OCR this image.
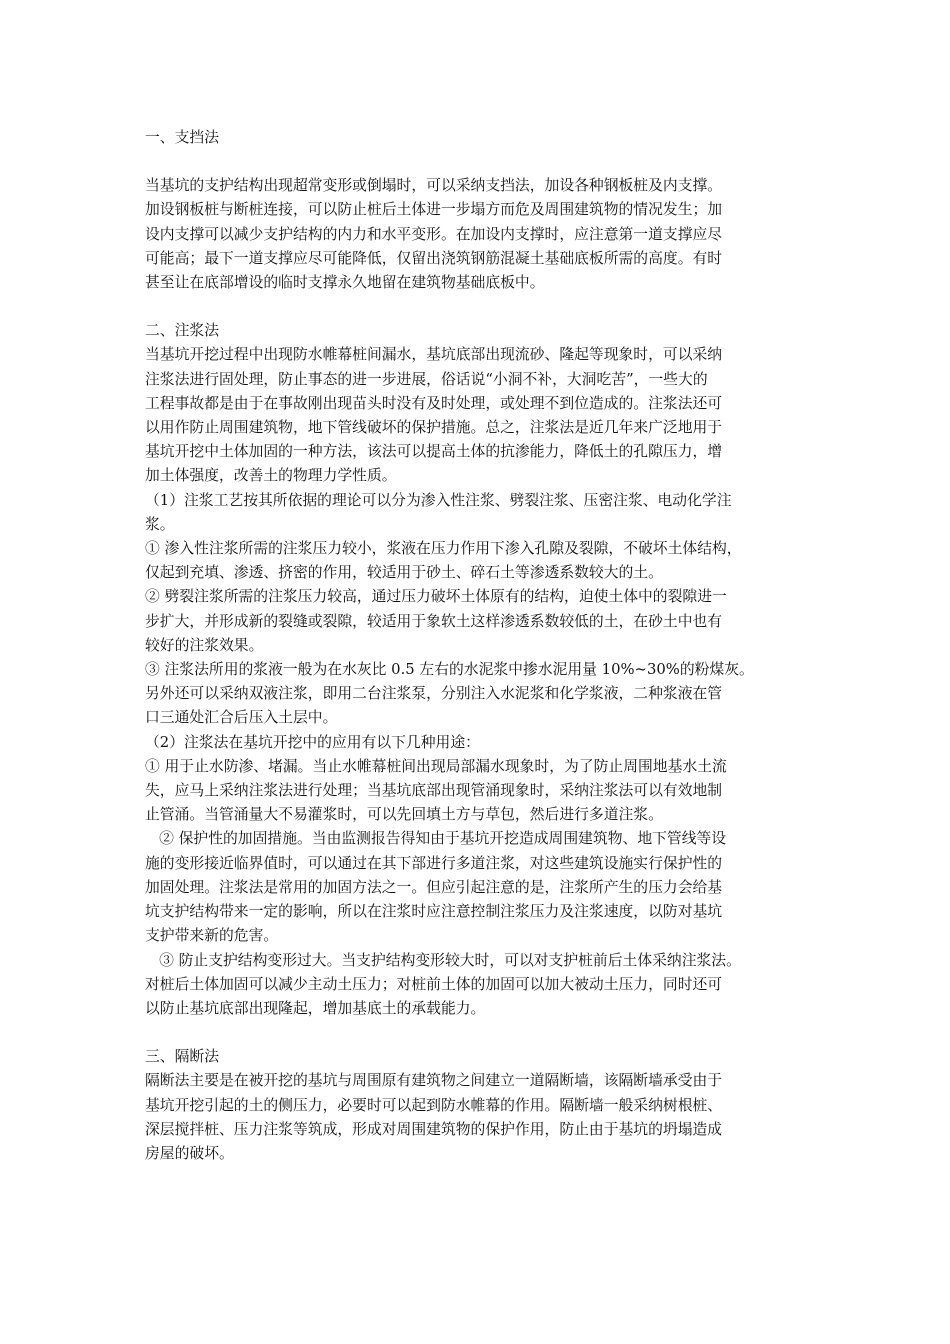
一、支挡法
当基坑的支护结构出现超常变形或倒塌时，可以采纳支挡法，加设各种钢板桩及内支撑。
加设钢板桩与断桩连接，可以防止桩后土体进一步塌方而危及周围建筑物的情况发生；加
设内支撑可以减少支护结构的内力和水平变形。在加设内支撑时，应注意第一道支撑应尽
可能高；最下一道支撑应尽可能降低，仅留出浇筑钢筋混凝土基础底板所需的高度。有时
甚至让在底部增设的临时支撑永久地留在建筑物基础底板中。
二、注浆法
当基坑开挖过程中出现防水帷幕桩间漏水，基坑底部出现流砂、隆起等现象时，可以采纳
注浆法进行固处理，防止事态的进一步进展，俗话说“小洞不补，大洞吃苦”，一些大的
工程事故都是由于在事故刚出现苗头时没有及时处理，或处理不到位造成的。注浆法还可
以用作防止周围建筑物，地下管线破坏的保护措施。总之，注浆法是近几年来广泛地用于
基坑开挖中土体加固的一种方法，该法可以提高土体的抗渗能力，降低土的孔隙压力，增
加土体强度，改善土的物理力学性质。
（1）注浆工艺按其所依据的理论可以分为渗入性注浆、劈裂注浆、压密注浆、电动化学注
浆。
① 渗入性注浆所需的注浆压力较小，浆液在压力作用下渗入孔隙及裂隙，不破坏土体结构，
仅起到充填、渗透、挤密的作用，较适用于砂土、碎石土等渗透系数较大的土。
② 劈裂注浆所需的注浆压力较高，通过压力破坏土体原有的结构，迫使土体中的裂隙进一
步扩大，并形成新的裂缝或裂隙，较适用于象软土这样渗透系数较低的土，在砂土中也有
较好的注浆效果。
③ 注浆法所用的浆液一般为在水灰比 0.5 左右的水泥浆中掺水泥用量 10%~30%的粉煤灰。
另外还可以采纳双液注浆，即用二台注浆泵，分别注入水泥浆和化学浆液，二种浆液在管
口三通处汇合后压入土层中。
（2）注浆法在基坑开挖中的应用有以下几种用途：
① 用于止水防渗、堵漏。当止水帷幕桩间出现局部漏水现象时，为了防止周围地基水土流
失，应马上采纳注浆法进行处理；当基坑底部出现管涌现象时，采纳注浆法可以有效地制
止管涌。当管涌量大不易灌浆时，可以先回填土方与草包，然后进行多道注浆。
② 保护性的加固措施。当由监测报告得知由于基坑开挖造成周围建筑物、地下管线等设
施的变形接近临界值时，可以通过在其下部进行多道注浆，对这些建筑设施实行保护性的
加固处理。注浆法是常用的加固方法之一。但应引起注意的是，注浆所产生的压力会给基
坑支护结构带来一定的影响，所以在注浆时应注意控制注浆压力及注浆速度，以防对基坑
支护带来新的危害。
③ 防止支护结构变形过大。当支护结构变形较大时，可以对支护桩前后土体采纳注浆法。
对桩后土体加固可以减少主动土压力；对桩前土体的加固可以加大被动土压力，同时还可
以防止基坑底部出现隆起，增加基底土的承载能力。
三、隔断法
隔断法主要是在被开挖的基坑与周围原有建筑物之间建立一道隔断墙，该隔断墙承受由于
基坑开挖引起的土的侧压力，必要时可以起到防水帷幕的作用。隔断墙一般采纳树根桩、
深层搅拌桩、压力注浆等筑成，形成对周围建筑物的保护作用，防止由于基坑的坍塌造成
房屋的破坏。
